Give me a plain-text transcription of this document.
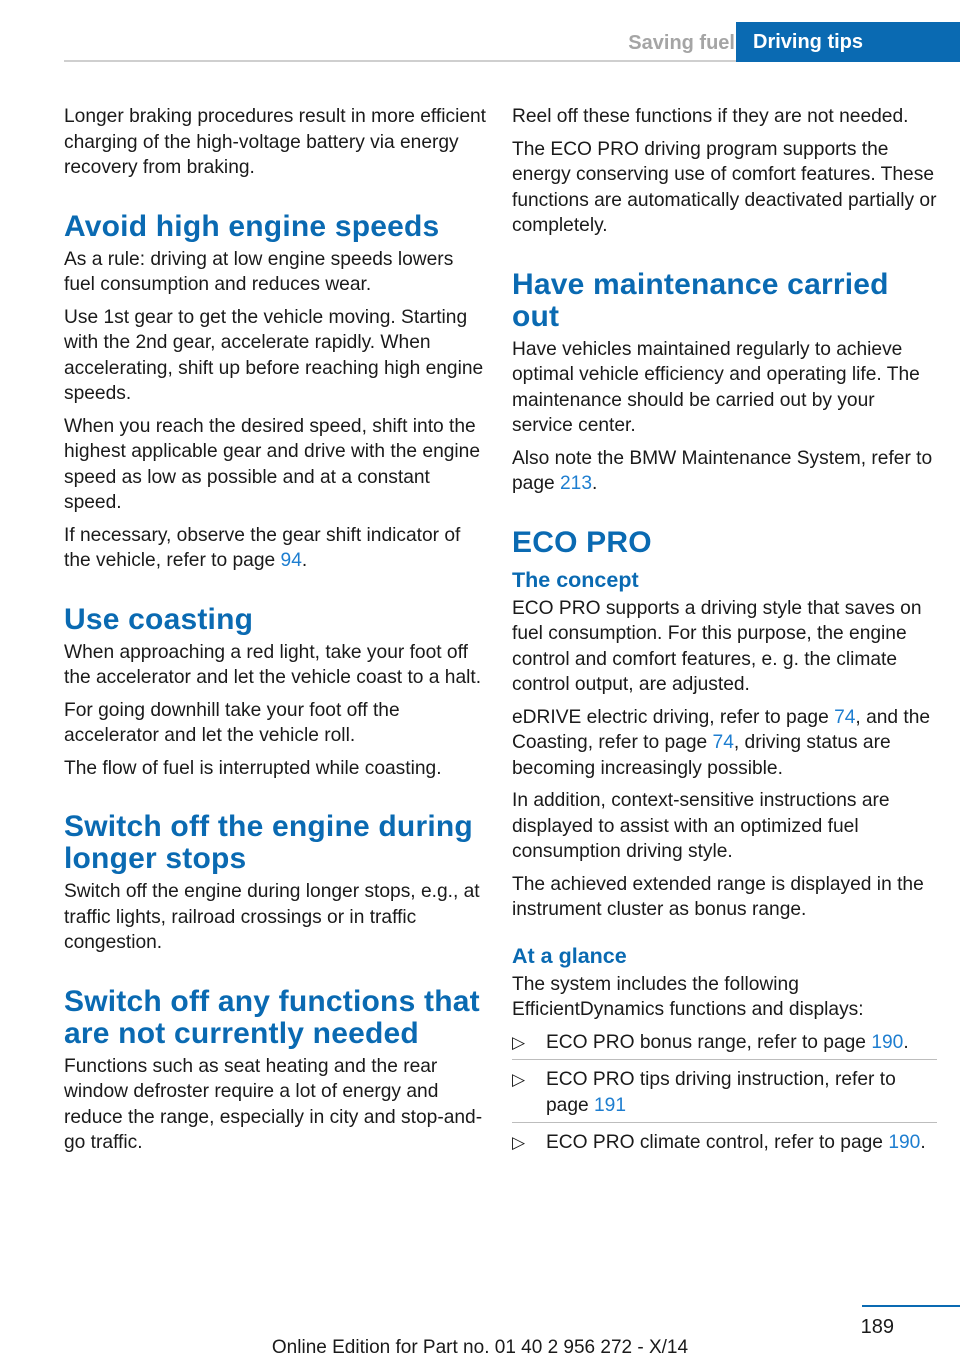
Saving fuel Driving tips

Longer braking procedures result in more efficient charging of the high-voltage battery via energy recovery from braking.

Avoid high engine speeds

As a rule: driving at low engine speeds lowers fuel consumption and reduces wear.

Use 1st gear to get the vehicle moving. Starting with the 2nd gear, accelerate rapidly. When accelerating, shift up before reaching high engine speeds.

When you reach the desired speed, shift into the highest applicable gear and drive with the engine speed as low as possible and at a constant speed.

If necessary, observe the gear shift indicator of the vehicle, refer to page 94.

Use coasting

When approaching a red light, take your foot off the accelerator and let the vehicle coast to a halt.

For going downhill take your foot off the accelerator and let the vehicle roll.

The flow of fuel is interrupted while coasting.

Switch off the engine during longer stops

Switch off the engine during longer stops, e.g., at traffic lights, railroad crossings or in traffic congestion.

Switch off any functions that are not currently needed

Functions such as seat heating and the rear window defroster require a lot of energy and reduce the range, especially in city and stop-and-go traffic.

Reel off these functions if they are not needed.

The ECO PRO driving program supports the energy conserving use of comfort features. These functions are automatically deactivated partially or completely.

Have maintenance carried out

Have vehicles maintained regularly to achieve optimal vehicle efficiency and operating life. The maintenance should be carried out by your service center.

Also note the BMW Maintenance System, refer to page 213.

ECO PRO
The concept

ECO PRO supports a driving style that saves on fuel consumption. For this purpose, the engine control and comfort features, e. g. the climate control output, are adjusted.

eDRIVE electric driving, refer to page 74, and the Coasting, refer to page 74, driving status are becoming increasingly possible.

In addition, context-sensitive instructions are displayed to assist with an optimized fuel consumption driving style.

The achieved extended range is displayed in the instrument cluster as bonus range.

At a glance

The system includes the following EfficientDynamics functions and displays:

▷ ECO PRO bonus range, refer to page 190.
▷ ECO PRO tips driving instruction, refer to page 191
▷ ECO PRO climate control, refer to page 190.
189
Online Edition for Part no. 01 40 2 956 272 - X/14
